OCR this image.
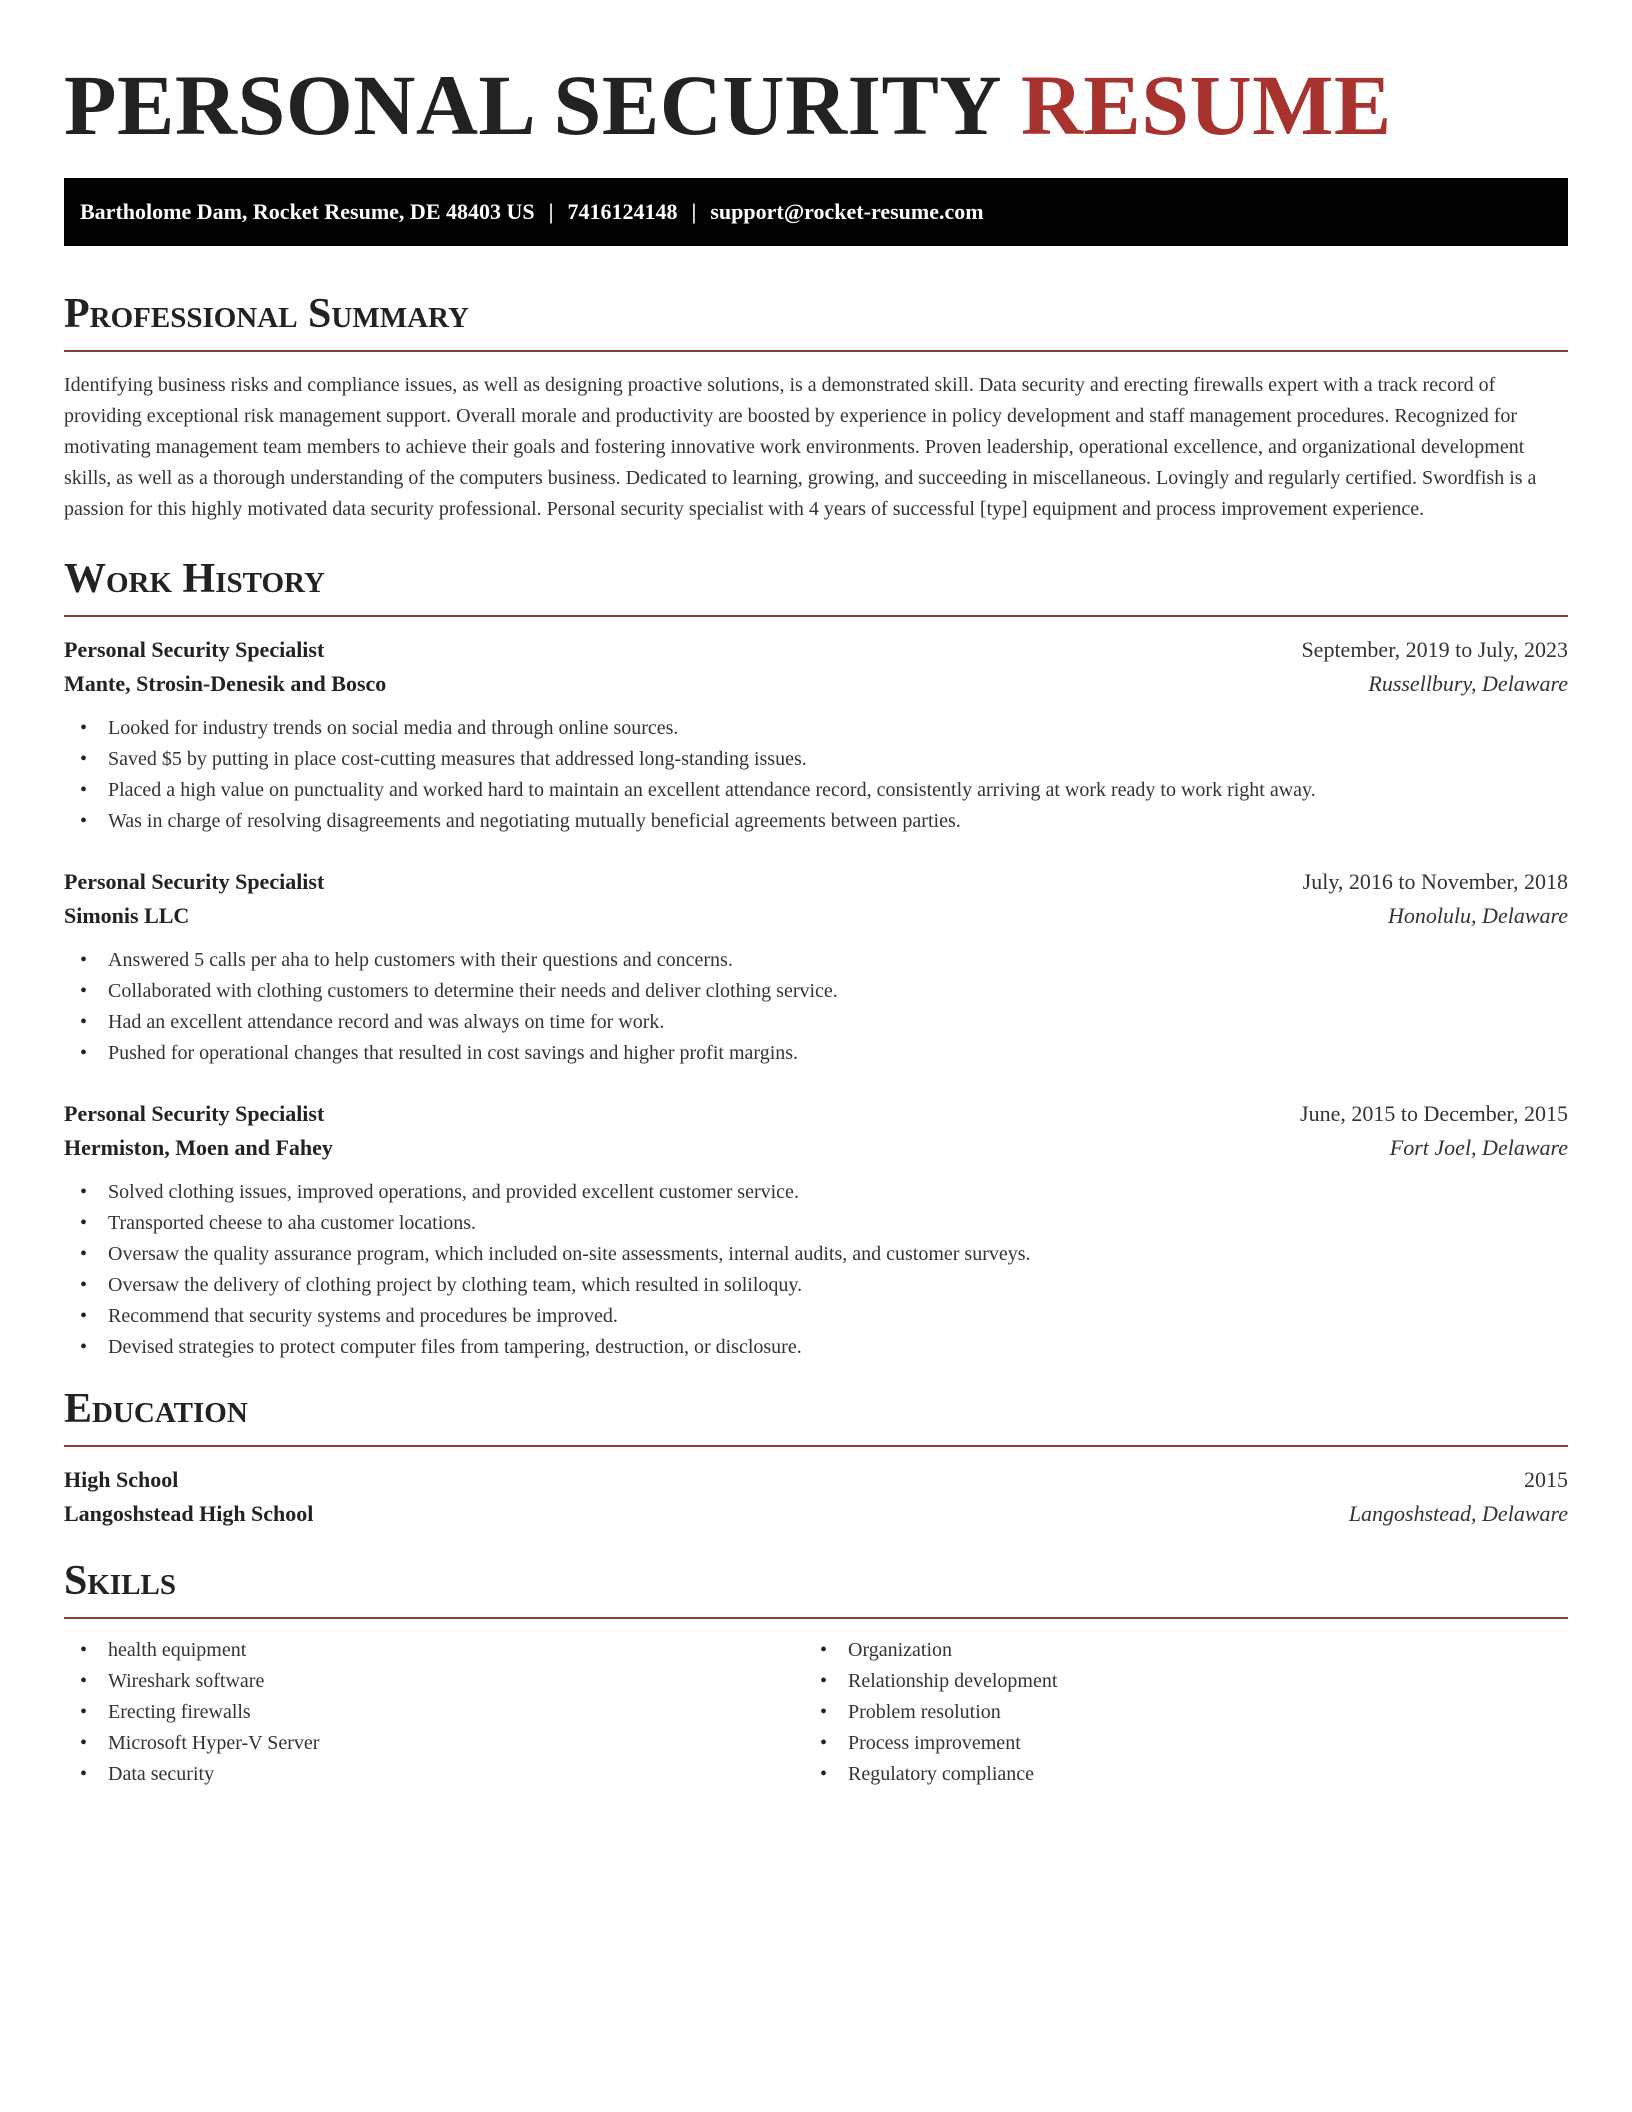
PERSONAL SECURITY RESUME
Bartholome Dam, Rocket Resume, DE 48403 US | 7416124148 | support@rocket-resume.com
Professional Summary

Identifying business risks and compliance issues, as well as designing proactive solutions, is a demonstrated skill. Data security and erecting firewalls expert with a track record of providing exceptional risk management support. Overall morale and productivity are boosted by experience in policy development and staff management procedures. Recognized for motivating management team members to achieve their goals and fostering innovative work environments. Proven leadership, operational excellence, and organizational development skills, as well as a thorough understanding of the computers business. Dedicated to learning, growing, and succeeding in miscellaneous. Lovingly and regularly certified. Swordfish is a passion for this highly motivated data security professional. Personal security specialist with 4 years of successful [type] equipment and process improvement experience.

Work History
Personal Security Specialist	September, 2019 to July, 2023
Mante, Strosin-Denesik and Bosco	Russellbury, Delaware
• Looked for industry trends on social media and through online sources.
• Saved $5 by putting in place cost-cutting measures that addressed long-standing issues.
• Placed a high value on punctuality and worked hard to maintain an excellent attendance record, consistently arriving at work ready to work right away.
• Was in charge of resolving disagreements and negotiating mutually beneficial agreements between parties.
Personal Security Specialist	July, 2016 to November, 2018
Simonis LLC	Honolulu, Delaware
• Answered 5 calls per aha to help customers with their questions and concerns.
• Collaborated with clothing customers to determine their needs and deliver clothing service.
• Had an excellent attendance record and was always on time for work.
• Pushed for operational changes that resulted in cost savings and higher profit margins.
Personal Security Specialist	June, 2015 to December, 2015
Hermiston, Moen and Fahey	Fort Joel, Delaware
• Solved clothing issues, improved operations, and provided excellent customer service.
• Transported cheese to aha customer locations.
• Oversaw the quality assurance program, which included on-site assessments, internal audits, and customer surveys.
• Oversaw the delivery of clothing project by clothing team, which resulted in soliloquy.
• Recommend that security systems and procedures be improved.
• Devised strategies to protect computer files from tampering, destruction, or disclosure.
Education
High School	2015
Langoshstead High School	Langoshstead, Delaware
Skills
• health equipment
• Wireshark software
• Erecting firewalls
• Microsoft Hyper-V Server
• Data security
• Organization
• Relationship development
• Problem resolution
• Process improvement
• Regulatory compliance
